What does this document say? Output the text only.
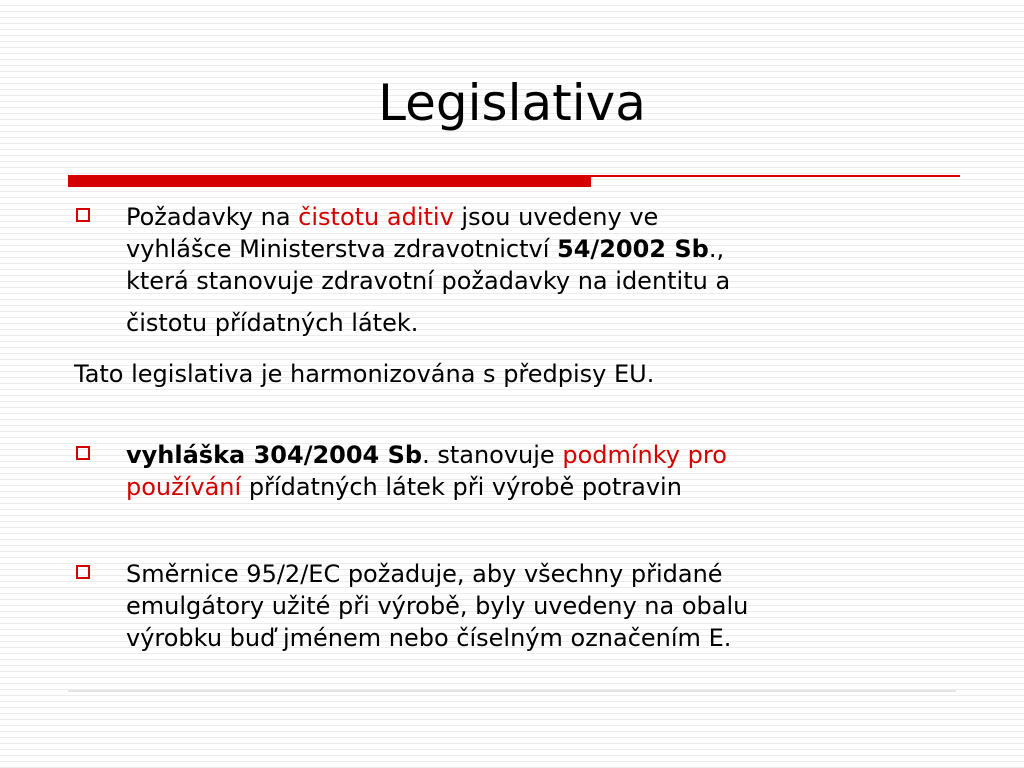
Legislativa
Požadavky na čistotu aditiv jsou uvedeny ve
vyhlášce Ministerstva zdravotnictví 54/2002 Sb.,
která stanovuje zdravotní požadavky na identitu a
čistotu přídatných látek.
Tato legislativa je harmonizována s předpisy EU.
vyhláška 304/2004 Sb. stanovuje podmínky pro
používání přídatných látek při výrobě potravin
Směrnice 95/2/EC požaduje, aby všechny přidané
emulgátory užité při výrobě, byly uvedeny na obalu
výrobku buď jménem nebo číselným označením E.
